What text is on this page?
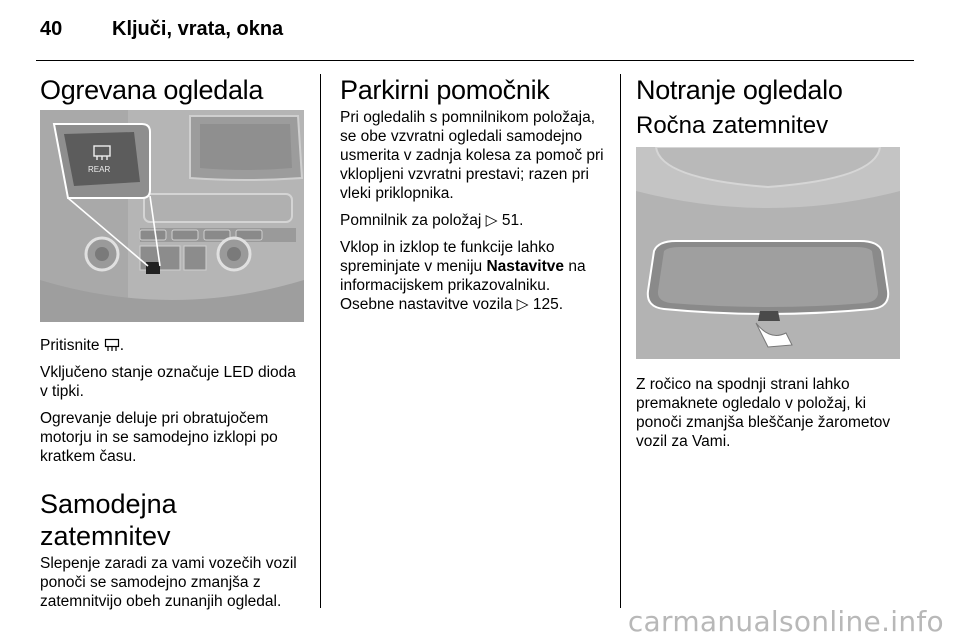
40 Ključi, vrata, okna
Ogrevana ogledala
REAR

Pritisnite .

Vključeno stanje označuje LED dioda v tipki.

Ogrevanje deluje pri obratujočem motorju in se samodejno izklopi po kratkem času.

Samodejna zatemnitev

Slepenje zaradi za vami vozečih vozil ponoči se samodejno zmanjša z zatemnitvijo obeh zunanjih ogledal.

Parkirni pomočnik

Pri ogledalih s pomnilnikom položaja, se obe vzvratni ogledali samodejno usmerita v zadnja kolesa za pomoč pri vklopljeni vzvratni prestavi; razen pri vleki priklopnika.

Pomnilnik za položaj ▷ 51.

Vklop in izklop te funkcije lahko spreminjate v meniju Nastavitve na informacijskem prikazovalniku.
Osebne nastavitve vozila ▷ 125.

Notranje ogledalo
Ročna zatemnitev

Z ročico na spodnji strani lahko premaknete ogledalo v položaj, ki ponoči zmanjša bleščanje žarometov vozil za Vami.

carmanualsonline.info
